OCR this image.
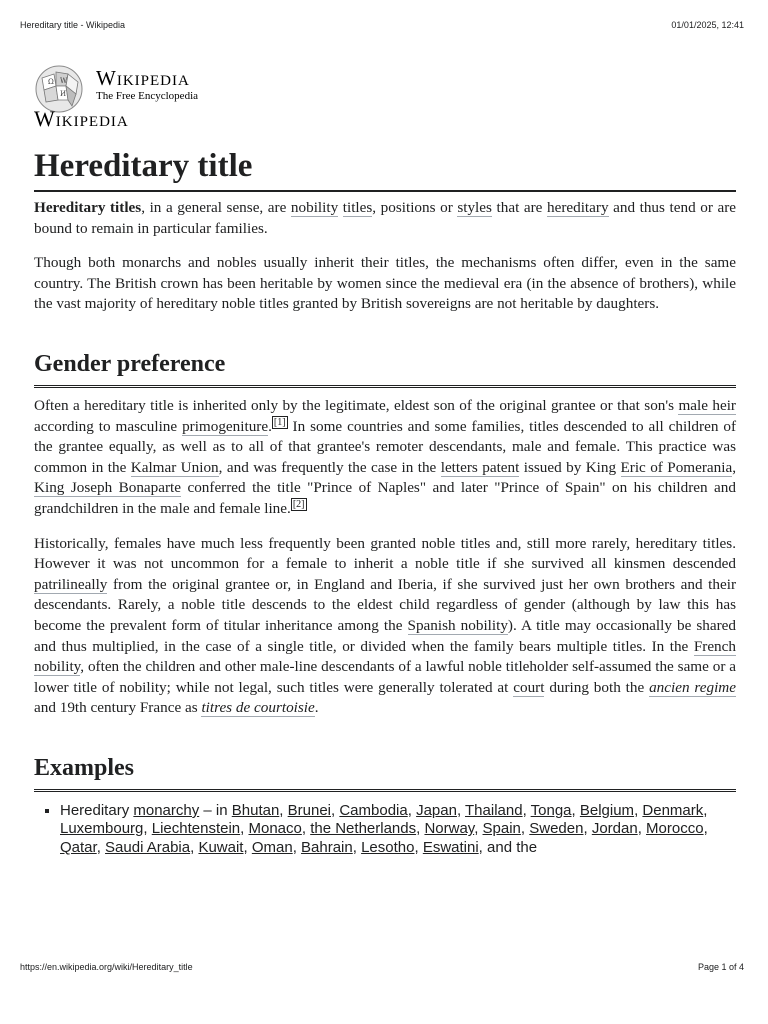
Hereditary title - Wikipedia	01/01/2025, 12:41
Ω W
И
Wikipedia
The Free Encyclopedia
Wikipedia
Hereditary title

Hereditary titles, in a general sense, are nobility titles, positions or styles that are hereditary and thus tend or are bound to remain in particular families.

Though both monarchs and nobles usually inherit their titles, the mechanisms often differ, even in the same country. The British crown has been heritable by women since the medieval era (in the absence of brothers), while the vast majority of hereditary noble titles granted by British sovereigns are not heritable by daughters.

Gender preference

Often a hereditary title is inherited only by the legitimate, eldest son of the original grantee or that son's male heir according to masculine primogeniture. [1] In some countries and some families, titles descended to all children of the grantee equally, as well as to all of that grantee's remoter descendants, male and female. This practice was common in the Kalmar Union, and was frequently the case in the letters patent issued by King Eric of Pomerania, King Joseph Bonaparte conferred the title "Prince of Naples" and later "Prince of Spain" on his children and grandchildren in the male and female line. [2]

Historically, females have much less frequently been granted noble titles and, still more rarely, hereditary titles. However it was not uncommon for a female to inherit a noble title if she survived all kinsmen descended patrilineally from the original grantee or, in England and Iberia, if she survived just her own brothers and their descendants. Rarely, a noble title descends to the eldest child regardless of gender (although by law this has become the prevalent form of titular inheritance among the Spanish nobility). A title may occasionally be shared and thus multiplied, in the case of a single title, or divided when the family bears multiple titles. In the French nobility, often the children and other male-line descendants of a lawful noble titleholder self-assumed the same or a lower title of nobility; while not legal, such titles were generally tolerated at court during both the ancien regime and 19th century France as titres de courtoisie.

Examples
▪ Hereditary monarchy – in Bhutan, Brunei, Cambodia, Japan, Thailand, Tonga, Belgium, Denmark, Luxembourg, Liechtenstein, Monaco, the Netherlands, Norway, Spain, Sweden, Jordan, Morocco, Qatar, Saudi Arabia, Kuwait, Oman, Bahrain, Lesotho, Eswatini, and the
https://en.wikipedia.org/wiki/Hereditary_title	Page 1 of 4
